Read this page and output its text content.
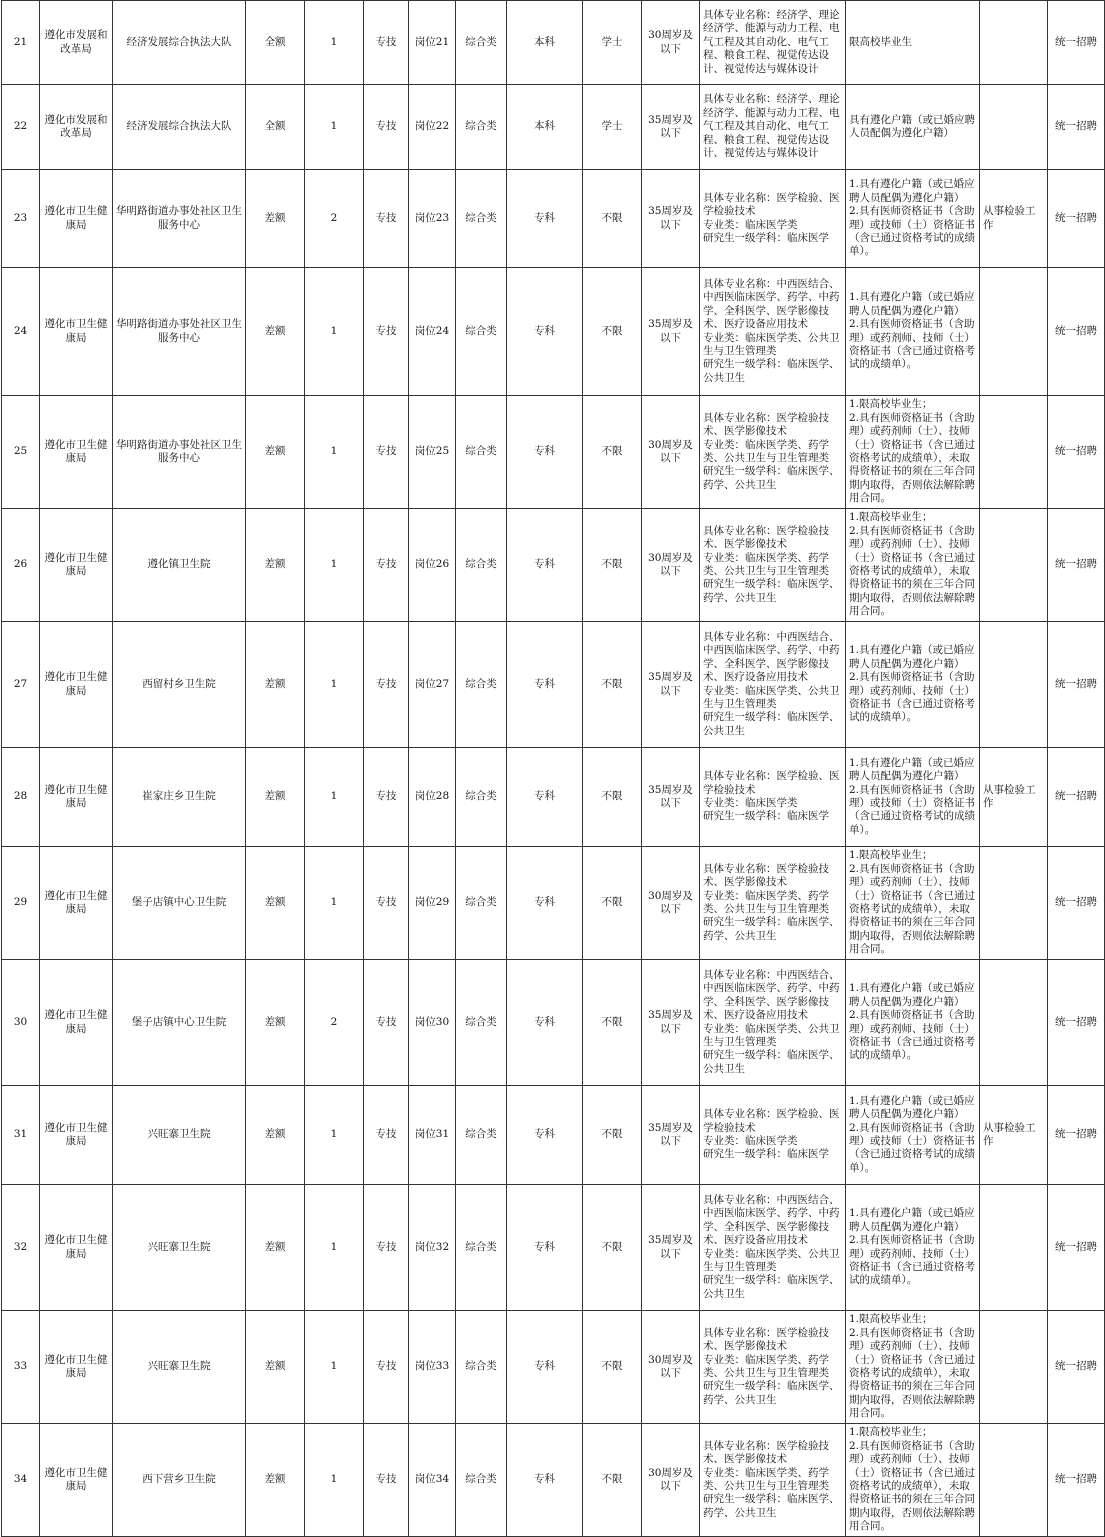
21	遵化市发展和改革局	经济发展综合执法大队	全额	1	专技	岗位21	综合类	本科	学士	30周岁及以下	具体专业名称：经济学、理论经济学、能源与动力工程、电气工程及其自动化、电气工程、粮食工程、视觉传达设计、视觉传达与媒体设计	限高校毕业生		统一招聘
22	遵化市发展和改革局	经济发展综合执法大队	全额	1	专技	岗位22	综合类	本科	学士	35周岁及以下	具体专业名称：经济学、理论经济学、能源与动力工程、电气工程及其自动化、电气工程、粮食工程、视觉传达设计、视觉传达与媒体设计	具有遵化户籍（或已婚应聘人员配偶为遵化户籍）		统一招聘
23	遵化市卫生健康局	华明路街道办事处社区卫生服务中心	差额	2	专技	岗位23	综合类	专科	不限	35周岁及以下	具体专业名称：医学检验、医学检验技术
专业类：临床医学类
研究生一级学科：临床医学	1.具有遵化户籍（或已婚应聘人员配偶为遵化户籍）
2.具有医师资格证书（含助理）或技师（士）资格证书（含已通过资格考试的成绩单）。	从事检验工作	统一招聘
24	遵化市卫生健康局	华明路街道办事处社区卫生服务中心	差额	1	专技	岗位24	综合类	专科	不限	35周岁及以下	具体专业名称：中西医结合、中西医临床医学、药学、中药学、全科医学、医学影像技术、医疗设备应用技术
专业类：临床医学类、公共卫生与卫生管理类
研究生一级学科：临床医学、公共卫生	1.具有遵化户籍（或已婚应聘人员配偶为遵化户籍）
2.具有医师资格证书（含助理）或药剂师、技师（士）资格证书（含已通过资格考试的成绩单）。		统一招聘
25	遵化市卫生健康局	华明路街道办事处社区卫生服务中心	差额	1	专技	岗位25	综合类	专科	不限	30周岁及以下	具体专业名称：医学检验技术、医学影像技术
专业类：临床医学类、药学类、公共卫生与卫生管理类
研究生一级学科：临床医学、药学、公共卫生	1.限高校毕业生；
2.具有医师资格证书（含助理）或药剂师（士）、技师（士）资格证书（含已通过资格考试的成绩单），未取得资格证书的须在三年合同期内取得，否则依法解除聘用合同。		统一招聘
26	遵化市卫生健康局	遵化镇卫生院	差额	1	专技	岗位26	综合类	专科	不限	30周岁及以下	具体专业名称：医学检验技术、医学影像技术
专业类：临床医学类、药学类、公共卫生与卫生管理类
研究生一级学科：临床医学、药学、公共卫生	1.限高校毕业生；
2.具有医师资格证书（含助理）或药剂师（士）、技师（士）资格证书（含已通过资格考试的成绩单），未取得资格证书的须在三年合同期内取得，否则依法解除聘用合同。		统一招聘
27	遵化市卫生健康局	西留村乡卫生院	差额	1	专技	岗位27	综合类	专科	不限	35周岁及以下	具体专业名称：中西医结合、中西医临床医学、药学、中药学、全科医学、医学影像技术、医疗设备应用技术
专业类：临床医学类、公共卫生与卫生管理类
研究生一级学科：临床医学、公共卫生	1.具有遵化户籍（或已婚应聘人员配偶为遵化户籍）
2.具有医师资格证书（含助理）或药剂师、技师（士）资格证书（含已通过资格考试的成绩单）。		统一招聘
28	遵化市卫生健康局	崔家庄乡卫生院	差额	1	专技	岗位28	综合类	专科	不限	35周岁及以下	具体专业名称：医学检验、医学检验技术
专业类：临床医学类
研究生一级学科：临床医学	1.具有遵化户籍（或已婚应聘人员配偶为遵化户籍）
2.具有医师资格证书（含助理）或技师（士）资格证书（含已通过资格考试的成绩单）。	从事检验工作	统一招聘
29	遵化市卫生健康局	堡子店镇中心卫生院	差额	1	专技	岗位29	综合类	专科	不限	30周岁及以下	具体专业名称：医学检验技术、医学影像技术
专业类：临床医学类、药学类、公共卫生与卫生管理类
研究生一级学科：临床医学、药学、公共卫生	1.限高校毕业生；
2.具有医师资格证书（含助理）或药剂师（士）、技师（士）资格证书（含已通过资格考试的成绩单），未取得资格证书的须在三年合同期内取得，否则依法解除聘用合同。		统一招聘
30	遵化市卫生健康局	堡子店镇中心卫生院	差额	2	专技	岗位30	综合类	专科	不限	35周岁及以下	具体专业名称：中西医结合、中西医临床医学、药学、中药学、全科医学、医学影像技术、医疗设备应用技术
专业类：临床医学类、公共卫生与卫生管理类
研究生一级学科：临床医学、公共卫生	1.具有遵化户籍（或已婚应聘人员配偶为遵化户籍）
2.具有医师资格证书（含助理）或药剂师、技师（士）资格证书（含已通过资格考试的成绩单）。		统一招聘
31	遵化市卫生健康局	兴旺寨卫生院	差额	1	专技	岗位31	综合类	专科	不限	35周岁及以下	具体专业名称：医学检验、医学检验技术
专业类：临床医学类
研究生一级学科：临床医学	1.具有遵化户籍（或已婚应聘人员配偶为遵化户籍）
2.具有医师资格证书（含助理）或技师（士）资格证书（含已通过资格考试的成绩单）。	从事检验工作	统一招聘
32	遵化市卫生健康局	兴旺寨卫生院	差额	1	专技	岗位32	综合类	专科	不限	35周岁及以下	具体专业名称：中西医结合、中西医临床医学、药学、中药学、全科医学、医学影像技术、医疗设备应用技术
专业类：临床医学类、公共卫生与卫生管理类
研究生一级学科：临床医学、公共卫生	1.具有遵化户籍（或已婚应聘人员配偶为遵化户籍）
2.具有医师资格证书（含助理）或药剂师、技师（士）资格证书（含已通过资格考试的成绩单）。		统一招聘
33	遵化市卫生健康局	兴旺寨卫生院	差额	1	专技	岗位33	综合类	专科	不限	30周岁及以下	具体专业名称：医学检验技术、医学影像技术
专业类：临床医学类、药学类、公共卫生与卫生管理类
研究生一级学科：临床医学、药学、公共卫生	1.限高校毕业生；
2.具有医师资格证书（含助理）或药剂师（士）、技师（士）资格证书（含已通过资格考试的成绩单），未取得资格证书的须在三年合同期内取得，否则依法解除聘用合同。		统一招聘
34	遵化市卫生健康局	西下营乡卫生院	差额	1	专技	岗位34	综合类	专科	不限	30周岁及以下	具体专业名称：医学检验技术、医学影像技术
专业类：临床医学类、药学类、公共卫生与卫生管理类
研究生一级学科：临床医学、药学、公共卫生	1.限高校毕业生；
2.具有医师资格证书（含助理）或药剂师（士）、技师（士）资格证书（含已通过资格考试的成绩单），未取得资格证书的须在三年合同期内取得，否则依法解除聘用合同。		统一招聘
